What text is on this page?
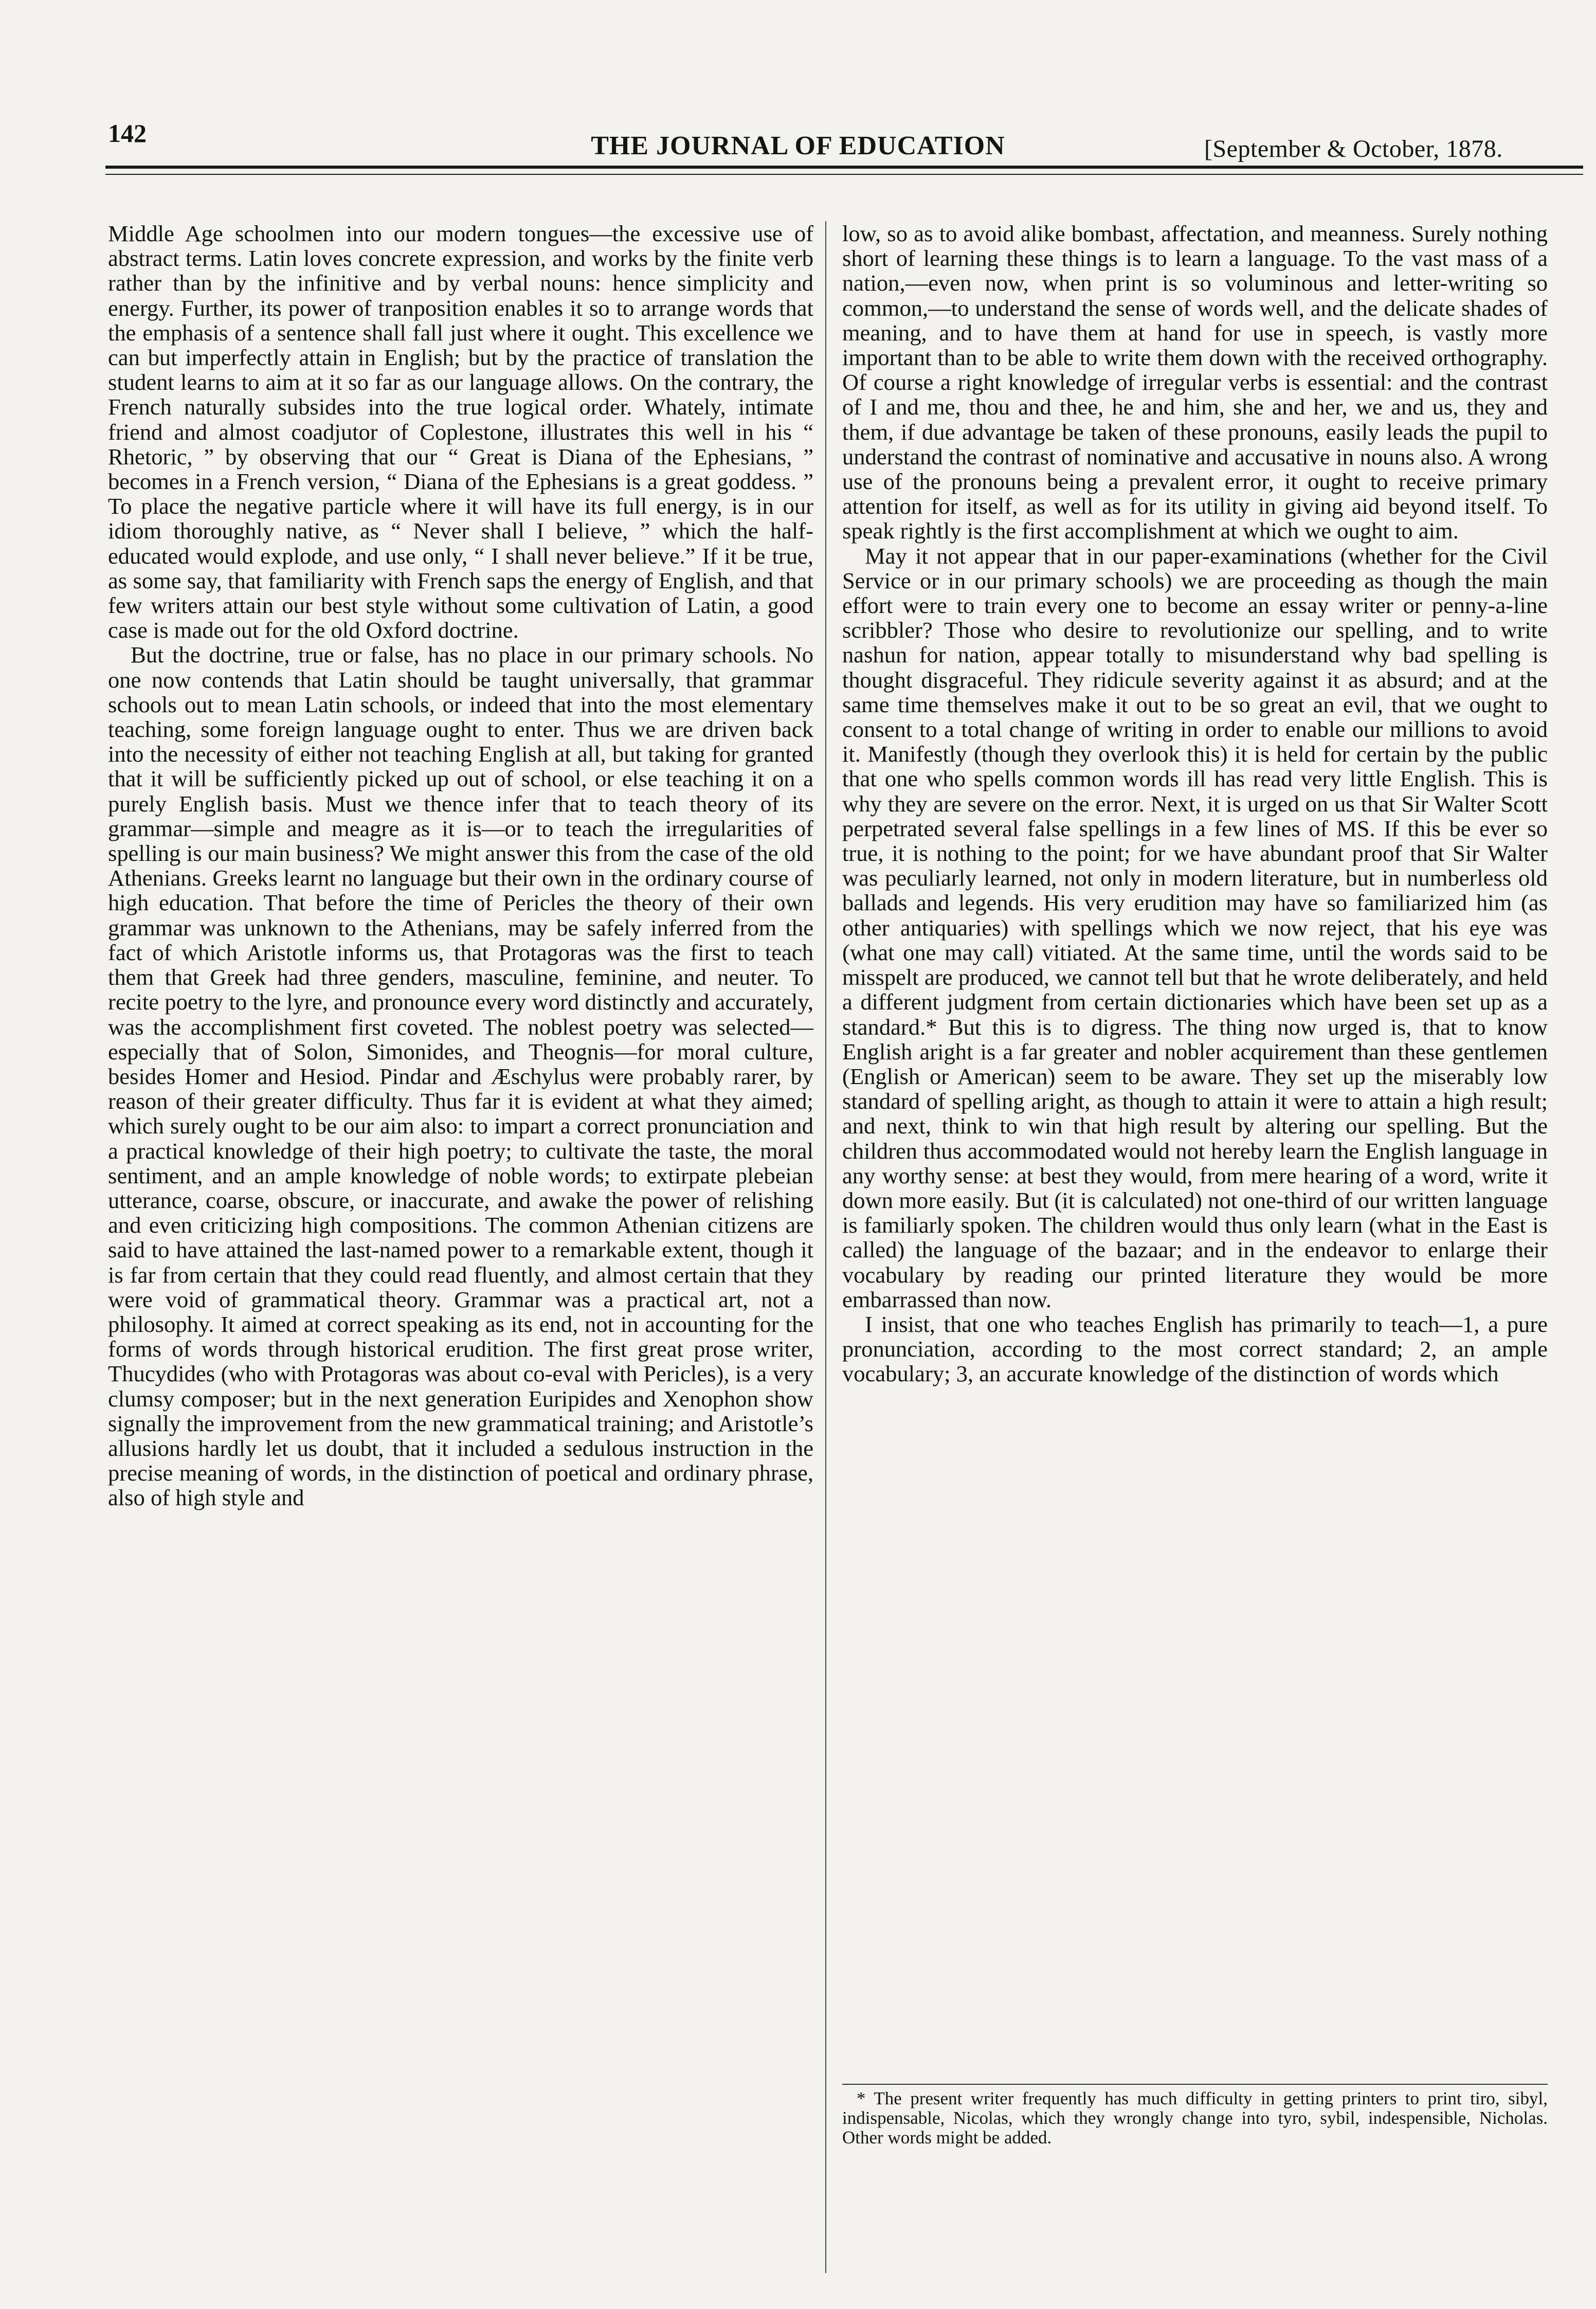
142	THE JOURNAL OF EDUCATION	[September & October, 1878.

Middle Age schoolmen into our modern tongues—the excessive use of abstract terms. Latin loves concrete expression, and works by the finite verb rather than by the infinitive and by verbal nouns: hence simplicity and energy. Further, its power of tranposition enables it so to arrange words that the emphasis of a sentence shall fall just where it ought. This excellence we can but imperfectly attain in English; but by the practice of translation the student learns to aim at it so far as our language allows. On the contrary, the French naturally subsides into the true logical order. Whately, intimate friend and almost coadjutor of Coplestone, illustrates this well in his “ Rhetoric, ” by observing that our “ Great is Diana of the Ephesians, ” becomes in a French version, “ Diana of the Ephesians is a great goddess. ” To place the negative particle where it will have its full energy, is in our idiom thoroughly native, as “ Never shall I believe, ” which the half-educated would explode, and use only, “ I shall never believe.” If it be true, as some say, that familiarity with French saps the energy of English, and that few writers attain our best style without some cultivation of Latin, a good case is made out for the old Oxford doctrine.

But the doctrine, true or false, has no place in our primary schools. No one now contends that Latin should be taught universally, that grammar schools out to mean Latin schools, or indeed that into the most elementary teaching, some foreign language ought to enter. Thus we are driven back into the necessity of either not teaching English at all, but taking for granted that it will be sufficiently picked up out of school, or else teaching it on a purely English basis. Must we thence infer that to teach theory of its grammar—simple and meagre as it is—or to teach the irregularities of spelling is our main business? We might answer this from the case of the old Athenians. Greeks learnt no language but their own in the ordinary course of high education. That before the time of Pericles the theory of their own grammar was unknown to the Athenians, may be safely inferred from the fact of which Aristotle informs us, that Protagoras was the first to teach them that Greek had three genders, masculine, feminine, and neuter. To recite poetry to the lyre, and pronounce every word distinctly and accurately, was the accomplishment first coveted. The noblest poetry was selected—especially that of Solon, Simonides, and Theognis—for moral culture, besides Homer and Hesiod. Pindar and Æschylus were probably rarer, by reason of their greater difficulty. Thus far it is evident at what they aimed; which surely ought to be our aim also: to impart a correct pronunciation and a practical knowledge of their high poetry; to cultivate the taste, the moral sentiment, and an ample knowledge of noble words; to extirpate plebeian utterance, coarse, obscure, or inaccurate, and awake the power of relishing and even criticizing high compositions. The common Athenian citizens are said to have attained the last-named power to a remarkable extent, though it is far from certain that they could read fluently, and almost certain that they were void of grammatical theory. Grammar was a practical art, not a philosophy. It aimed at correct speaking as its end, not in accounting for the forms of words through historical erudition. The first great prose writer, Thucydides (who with Protagoras was about co-eval with Pericles), is a very clumsy composer; but in the next generation Euripides and Xenophon show signally the improvement from the new grammatical training; and Aristotle’s allusions hardly let us doubt, that it included a sedulous instruction in the precise meaning of words, in the distinction of poetical and ordinary phrase, also of high style and

low, so as to avoid alike bombast, affectation, and meanness. Surely nothing short of learning these things is to learn a language. To the vast mass of a nation,—even now, when print is so voluminous and letter-writing so common,—to understand the sense of words well, and the delicate shades of meaning, and to have them at hand for use in speech, is vastly more important than to be able to write them down with the received orthography. Of course a right knowledge of irregular verbs is essential: and the contrast of I and me, thou and thee, he and him, she and her, we and us, they and them, if due advantage be taken of these pronouns, easily leads the pupil to understand the contrast of nominative and accusative in nouns also. A wrong use of the pronouns being a prevalent error, it ought to receive primary attention for itself, as well as for its utility in giving aid beyond itself. To speak rightly is the first accomplishment at which we ought to aim.

May it not appear that in our paper-examinations (whether for the Civil Service or in our primary schools) we are proceeding as though the main effort were to train every one to become an essay writer or penny-a-line scribbler? Those who desire to revolutionize our spelling, and to write nashun for nation, appear totally to misunderstand why bad spelling is thought disgraceful. They ridicule severity against it as absurd; and at the same time themselves make it out to be so great an evil, that we ought to consent to a total change of writing in order to enable our millions to avoid it. Manifestly (though they overlook this) it is held for certain by the public that one who spells common words ill has read very little English. This is why they are severe on the error. Next, it is urged on us that Sir Walter Scott perpetrated several false spellings in a few lines of MS. If this be ever so true, it is nothing to the point; for we have abundant proof that Sir Walter was peculiarly learned, not only in modern literature, but in numberless old ballads and legends. His very erudition may have so familiarized him (as other antiquaries) with spellings which we now reject, that his eye was (what one may call) vitiated. At the same time, until the words said to be misspelt are produced, we cannot tell but that he wrote deliberately, and held a different judgment from certain dictionaries which have been set up as a standard.* But this is to digress. The thing now urged is, that to know English aright is a far greater and nobler acquirement than these gentlemen (English or American) seem to be aware. They set up the miserably low standard of spelling aright, as though to attain it were to attain a high result; and next, think to win that high result by altering our spelling. But the children thus accommodated would not hereby learn the English language in any worthy sense: at best they would, from mere hearing of a word, write it down more easily. But (it is calculated) not one-third of our written language is familiarly spoken. The children would thus only learn (what in the East is called) the language of the bazaar; and in the endeavor to enlarge their vocabulary by reading our printed literature they would be more embarrassed than now.

I insist, that one who teaches English has primarily to teach—1, a pure pronunciation, according to the most correct standard; 2, an ample vocabulary; 3, an accurate knowledge of the distinction of words which

* The present writer frequently has much difficulty in getting printers to print tiro, sibyl, indispensable, Nicolas, which they wrongly change into tyro, sybil, indespensible, Nicholas. Other words might be added.
